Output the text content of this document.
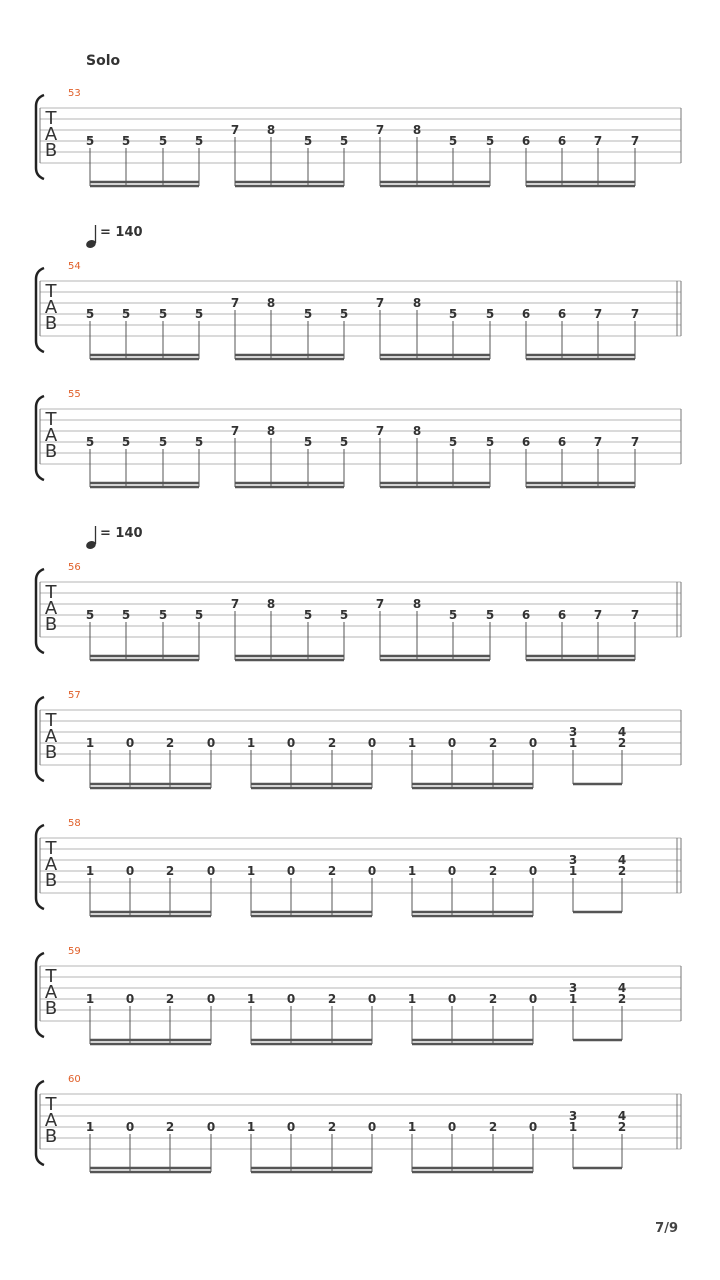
Solo
T
A
B
53
5 5 5 5
7 8
5 5
7 8
5 5 6 6 7 7
T
A
B
54
= 140
5 5 5 5
7 8
5 5
7 8
5 5 6 6 7 7
T
A
B
55
5 5 5 5
7 8
5 5
7 8
5 5 6 6 7 7
T
A
B
56
= 140
5 5 5 5
7 8
5 5
7 8
5 5 6 6 7 7
T
A
B
57
1	0	2	0	1	0	2	0	1	0	2	0
3
1
4
2
T
A
B
58
1	0	2	0	1	0	2	0	1	0	2	0
3
1
4
2
T
A
B
59
1	0	2	0	1	0	2	0	1	0	2	0
3
1
4
2
T
A
B
60
1	0	2	0	1	0	2	0	1	0	2	0
3
1
4
2
7/9
